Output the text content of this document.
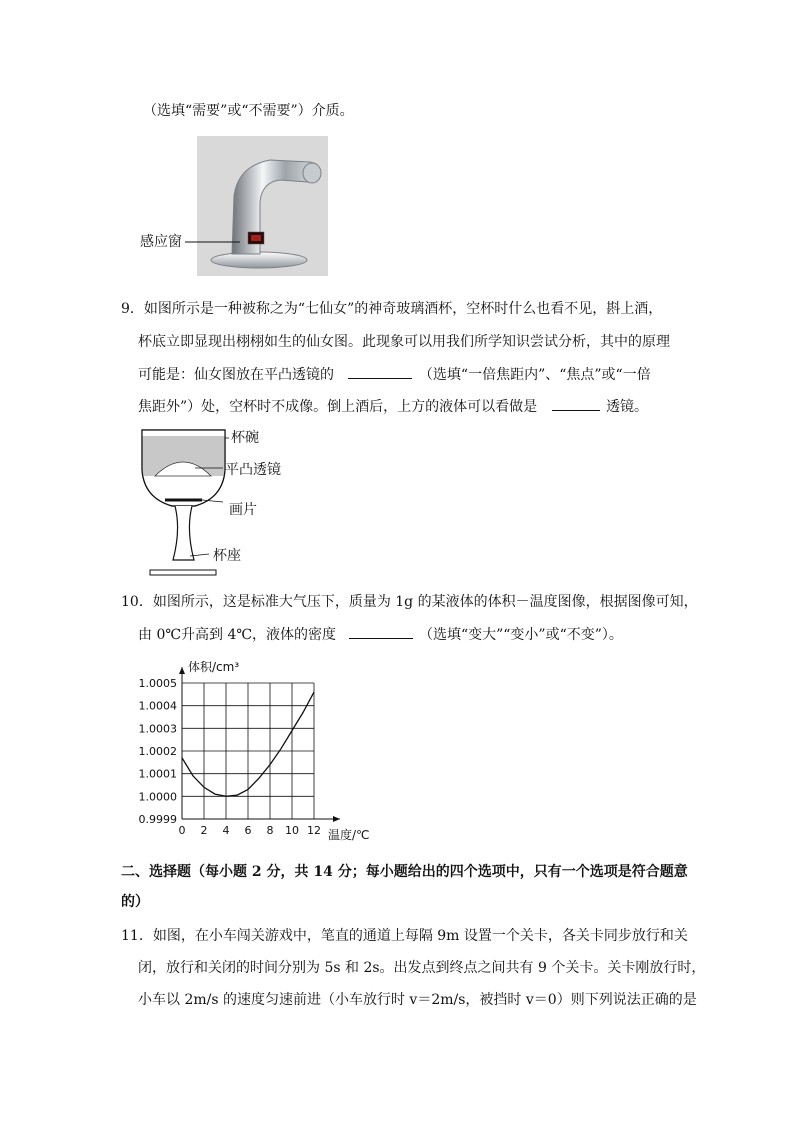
（选填“需要”或“不需要”）介质。
感应窗
9．如图所示是一种被称之为“七仙女”的神奇玻璃酒杯，空杯时什么也看不见，斟上酒，
杯底立即显现出栩栩如生的仙女图。此现象可以用我们所学知识尝试分析，其中的原理
可能是：仙女图放在平凸透镜的	（选填“一倍焦距内”、“焦点”或“一倍
焦距外”）处，空杯时不成像。倒上酒后，上方的液体可以看做是	透镜。
杯碗
平凸透镜
画片
杯座
10．如图所示，这是标准大气压下，质量为 1g 的某液体的体积－温度图像，根据图像可知，
由 0℃升高到 4℃，液体的密度	（选填“变大”“变小”或“不变”）。
0 2 4 6 8 10 12
0.9999
1.0000
1.0001
1.0002
1.0003
1.0004
1.0005
体积/cm³
温度/℃
二、选择题（每小题 2 分，共 14 分；每小题给出的四个选项中，只有一个选项是符合题意
的）
11．如图，在小车闯关游戏中，笔直的通道上每隔 9m 设置一个关卡，各关卡同步放行和关
闭，放行和关闭的时间分别为 5s 和 2s。出发点到终点之间共有 9 个关卡。关卡刚放行时，
小车以 2m/s 的速度匀速前进（小车放行时 v＝2m/s，被挡时 v＝0）则下列说法正确的是
